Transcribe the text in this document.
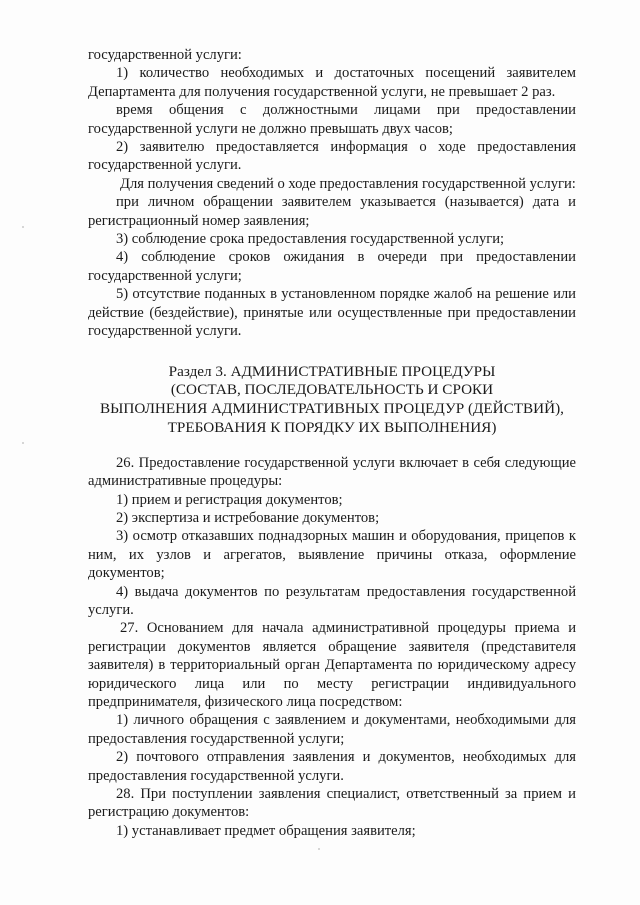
государственной услуги:

1) количество необходимых и достаточных посещений заявителем Департамента для получения государственной услуги, не превышает 2 раз.

время общения с должностными лицами при предоставлении государственной услуги не должно превышать двух часов;

2) заявителю предоставляется информация о ходе предоставления государственной услуги.

Для получения сведений о ходе предоставления государственной услуги:

при личном обращении заявителем указывается (называется) дата и регистрационный номер заявления;

3) соблюдение срока предоставления государственной услуги;

4) соблюдение сроков ожидания в очереди при предоставлении государственной услуги;

5) отсутствие поданных в установленном порядке жалоб на решение или действие (бездействие), принятые или осуществленные при предоставлении государственной услуги.

Раздел 3. АДМИНИСТРАТИВНЫЕ ПРОЦЕДУРЫ
(СОСТАВ, ПОСЛЕДОВАТЕЛЬНОСТЬ И СРОКИ
ВЫПОЛНЕНИЯ АДМИНИСТРАТИВНЫХ ПРОЦЕДУР (ДЕЙСТВИЙ),
ТРЕБОВАНИЯ К ПОРЯДКУ ИХ ВЫПОЛНЕНИЯ)

26. Предоставление государственной услуги включает в себя следующие административные процедуры:

1) прием и регистрация документов;

2) экспертиза и истребование документов;

3) осмотр отказавших поднадзорных машин и оборудования, прицепов к ним, их узлов и агрегатов, выявление причины отказа, оформление документов;

4) выдача документов по результатам предоставления государственной услуги.

27. Основанием для начала административной процедуры приема и регистрации документов является обращение заявителя (представителя заявителя) в территориальный орган Департамента по юридическому адресу юридического лица или по месту регистрации индивидуального предпринимателя, физического лица посредством:

1) личного обращения с заявлением и документами, необходимыми для предоставления государственной услуги;

2) почтового отправления заявления и документов, необходимых для предоставления государственной услуги.

28. При поступлении заявления специалист, ответственный за прием и регистрацию документов:

1) устанавливает предмет обращения заявителя;
